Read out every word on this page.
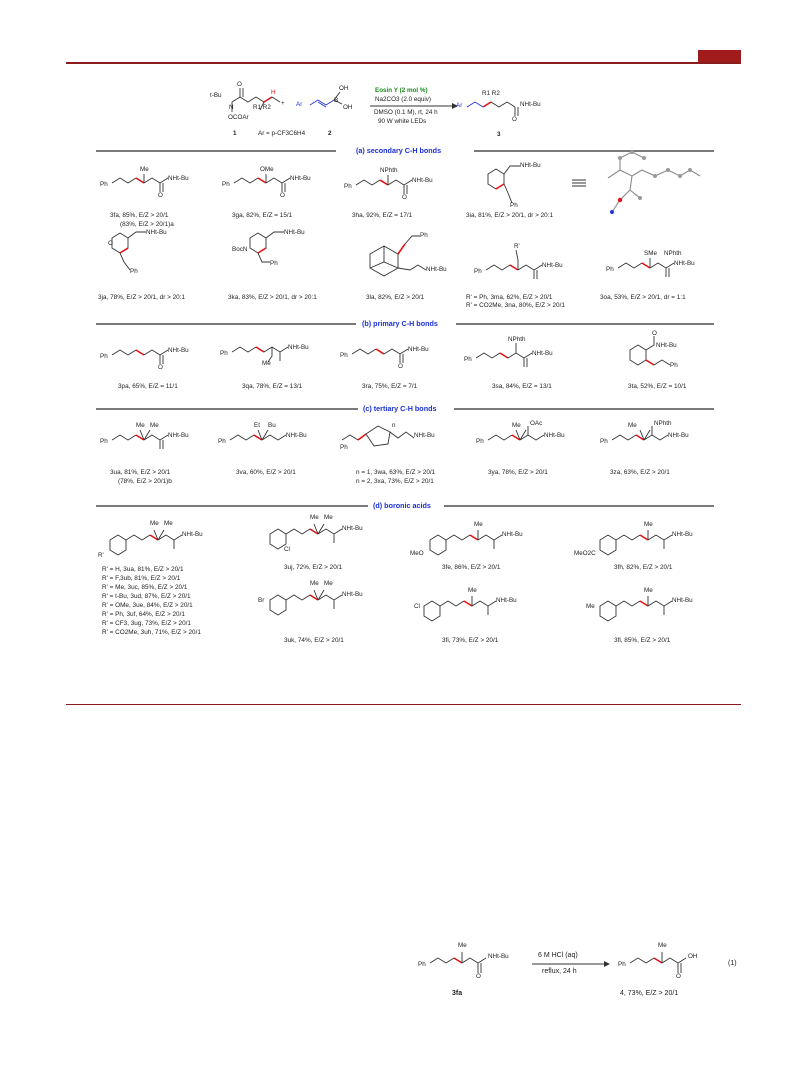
t-Bu
N
O
OCOAr
R1 R2
H
+ Ar
B
OH
OH
Eosin Y (2 mol %)
Na2CO3 (2.0 equiv)
DMSO (0.1 M), rt, 24 h
90 W white LEDs
Ar
R1 R2
NHt-Bu
O
1	Ar = p-CF3C6H4	2	3
(a) secondary C-H bonds
(b) primary C-H bonds
(c) tertiary C-H bonds
(d) boronic acids
Ph
Me
NHt-Bu
O
Ph
OMe
NHt-Bu
O
Ph
NPhth
NHt-Bu
O
NHt-Bu
Ph
O
NHt-Bu
Ph
BocN
NHt-Bu
Ph
Ph
NHt-Bu	Ph
R'
NHt-Bu
Ph
SMe NPhth
NHt-Bu
Ph
NHt-Bu
O
Ph
NHt-Bu
Me
Ph
NHt-Bu
O
Ph
NPhth
NHt-Bu
O
NHt-Bu
Ph
Ph
Me Me
NHt-Bu
Ph
Et Bu
NHt-Bu
Ph
n
NHt-Bu
Ph
Me OAc
NHt-Bu
Ph
Me	NPhth
NHt-Bu
R'
Me Me
NHt-Bu
Cl
Me Me
NHt-Bu
MeO
Me
NHt-Bu
MeO2C
Me
NHt-Bu
Br
Me Me
NHt-Bu
Cl
Me
NHt-Bu
Me
Me
NHt-Bu
3fa, 85%, E/Z > 20/1
(83%, E/Z > 20/1)a
3ga, 82%, E/Z = 15/1	3ha, 92%, E/Z = 17/1	3ia, 81%, E/Z > 20/1, dr > 20:1
3ja, 78%, E/Z > 20/1, dr > 20:1	3ka, 83%, E/Z > 20/1, dr > 20:1	3la, 82%, E/Z > 20/1	R' = Ph, 3ma, 62%, E/Z > 20/1
R' = CO2Me, 3na, 80%, E/Z > 20/1
3oa, 53%, E/Z > 20/1, dr = 1:1
3pa, 65%, E/Z = 11/1	3qa, 78%, E/Z = 13/1	3ra, 75%, E/Z = 7/1	3sa, 84%, E/Z = 13/1	3ta, 52%, E/Z = 10/1
3ua, 81%, E/Z > 20/1
(78%, E/Z > 20/1)b
3va, 60%, E/Z > 20/1	n = 1, 3wa, 63%, E/Z > 20/1
n = 2, 3xa, 73%, E/Z > 20/1
3ya, 78%, E/Z > 20/1	3za, 63%, E/Z > 20/1
R' = H, 3ua, 81%, E/Z > 20/1
R' = F,3ub, 81%, E/Z > 20/1
R' = Me, 3uc, 85%, E/Z > 20/1
R' = t-Bu, 3ud, 87%, E/Z > 20/1
R' = OMe, 3ue, 84%, E/Z > 20/1
R' = Ph, 3uf, 64%, E/Z > 20/1
R' = CF3, 3ug, 73%, E/Z > 20/1
R' = CO2Me, 3uh, 71%, E/Z > 20/1
3uj, 72%, E/Z > 20/1	3fe, 86%, E/Z > 20/1	3fh, 82%, E/Z > 20/1
3uk, 74%, E/Z > 20/1	3fi, 73%, E/Z > 20/1	3fl, 85%, E/Z > 20/1
Ph
Me
NHt-Bu
O
6 M HCl (aq)
reflux, 24 h
Ph
Me
OH
O
3fa	4, 73%, E/Z > 20/1
(1)
